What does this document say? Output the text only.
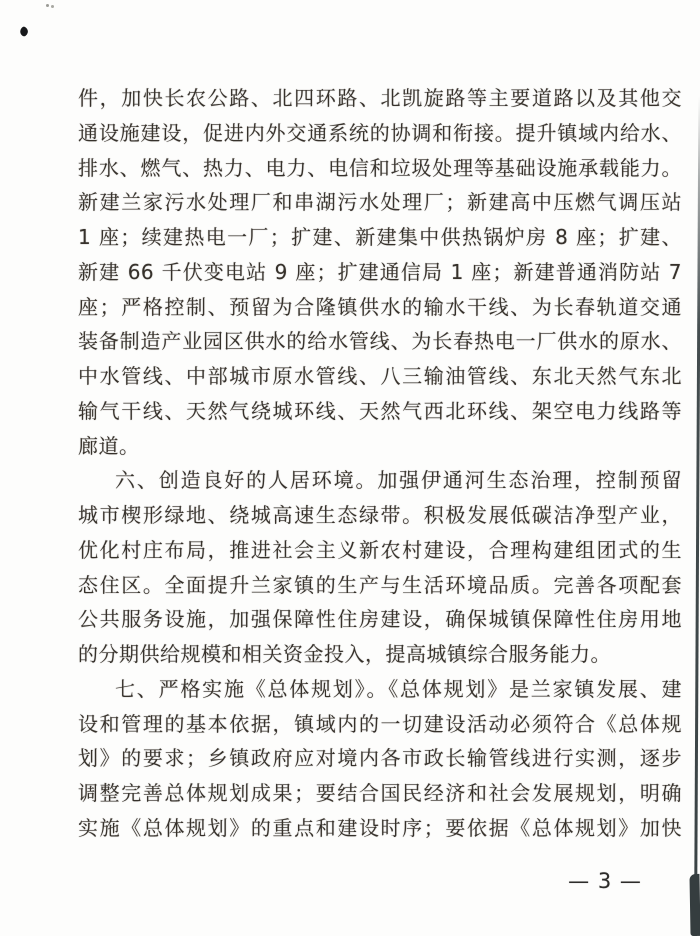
件，加快长农公路、北四环路、北凯旋路等主要道路以及其他交
通设施建设，促进内外交通系统的协调和衔接。提升镇域内给水、
排水、燃气、热力、电力、电信和垃圾处理等基础设施承载能力。
新建兰家污水处理厂和串湖污水处理厂；新建高中压燃气调压站
1 座；续建热电一厂；扩建、新建集中供热锅炉房 8 座；扩建、
新建 66 千伏变电站 9 座；扩建通信局 1 座；新建普通消防站 7
座；严格控制、预留为合隆镇供水的输水干线、为长春轨道交通
装备制造产业园区供水的给水管线、为长春热电一厂供水的原水、
中水管线、中部城市原水管线、八三输油管线、东北天然气东北
输气干线、天然气绕城环线、天然气西北环线、架空电力线路等
廊道。
六、创造良好的人居环境。加强伊通河生态治理，控制预留
城市楔形绿地、绕城高速生态绿带。积极发展低碳洁净型产业，
优化村庄布局，推进社会主义新农村建设，合理构建组团式的生
态住区。全面提升兰家镇的生产与生活环境品质。完善各项配套
公共服务设施，加强保障性住房建设，确保城镇保障性住房用地
的分期供给规模和相关资金投入，提高城镇综合服务能力。
七、严格实施《总体规划》。《总体规划》是兰家镇发展、建
设和管理的基本依据，镇域内的一切建设活动必须符合《总体规
划》的要求；乡镇政府应对境内各市政长输管线进行实测，逐步
调整完善总体规划成果；要结合国民经济和社会发展规划，明确
实施《总体规划》的重点和建设时序；要依据《总体规划》加快
— 3 —
